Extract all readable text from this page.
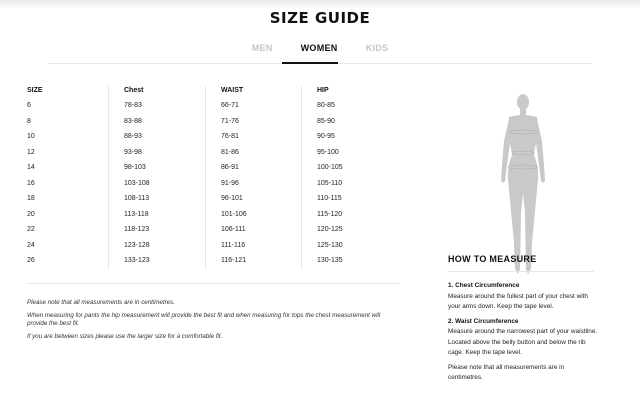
SIZE GUIDE
MEN	WOMEN	KIDS
SIZE	Chest	WAIST	HIP
6	78-83	66-71	80-85
8	83-88	71-76	85-90
10	88-93	76-81	90-95
12	93-98	81-86	95-100
14	98-103	86-91	100-105
16	103-108	91-96	105-110
18	108-113	96-101	110-115
20	113-118	101-106	115-120
22	118-123	106-111	120-125
24	123-128	111-116	125-130
26	133-123	116-121	130-135

Please note that all measurements are in centimetres.

When measuring for pants the hip measurement will provide the best fit and when measuring for tops the chest measurement will provide the best fit.

If you are between sizes please use the larger size for a comfortable fit.

HOW TO MEASURE
1. Chest Circumference

Measure around the fullest part of your chest with your arms down. Keep the tape level.

2. Waist Circumference

Measure around the narrowest part of your waistline. Located above the belly button and below the rib cage. Keep the tape level.

Please note that all measurements are in centimetres.
